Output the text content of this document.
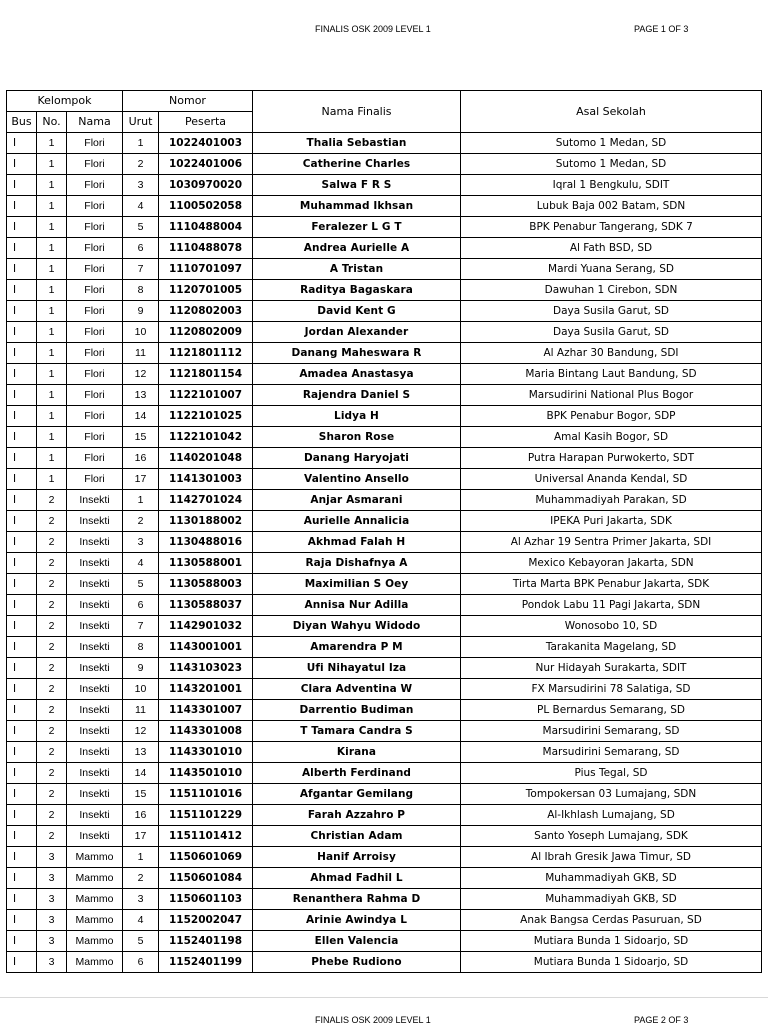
FINALIS OSK 2009 LEVEL 1	PAGE 1 OF 3
Kelompok			Nomor		Nama Finalis	Asal Sekolah
Bus	No.	Nama	Urut	Peserta		
I	1	Flori	1	1022401003	Thalia Sebastian	Sutomo 1 Medan, SD
I	1	Flori	2	1022401006	Catherine Charles	Sutomo 1 Medan, SD
I	1	Flori	3	1030970020	Salwa F R S	Iqral 1 Bengkulu, SDIT
I	1	Flori	4	1100502058	Muhammad Ikhsan	Lubuk Baja 002 Batam, SDN
I	1	Flori	5	1110488004	Feralezer L G T	BPK Penabur Tangerang, SDK 7
I	1	Flori	6	1110488078	Andrea Aurielle A	Al Fath BSD, SD
I	1	Flori	7	1110701097	A Tristan	Mardi Yuana Serang, SD
I	1	Flori	8	1120701005	Raditya Bagaskara	Dawuhan 1 Cirebon, SDN
I	1	Flori	9	1120802003	David Kent G	Daya Susila Garut, SD
I	1	Flori	10	1120802009	Jordan Alexander	Daya Susila Garut, SD
I	1	Flori	11	1121801112	Danang Maheswara R	Al Azhar 30 Bandung, SDI
I	1	Flori	12	1121801154	Amadea Anastasya	Maria Bintang Laut Bandung, SD
I	1	Flori	13	1122101007	Rajendra Daniel S	Marsudirini National Plus Bogor
I	1	Flori	14	1122101025	Lidya H	BPK Penabur Bogor, SDP
I	1	Flori	15	1122101042	Sharon Rose	Amal Kasih Bogor, SD
I	1	Flori	16	1140201048	Danang Haryojati	Putra Harapan Purwokerto, SDT
I	1	Flori	17	1141301003	Valentino Ansello	Universal Ananda Kendal, SD
I	2	Insekti	1	1142701024	Anjar Asmarani	Muhammadiyah Parakan, SD
I	2	Insekti	2	1130188002	Aurielle Annalicia	IPEKA Puri Jakarta, SDK
I	2	Insekti	3	1130488016	Akhmad Falah H	Al Azhar 19 Sentra Primer Jakarta, SDI
I	2	Insekti	4	1130588001	Raja Dishafnya A	Mexico Kebayoran Jakarta, SDN
I	2	Insekti	5	1130588003	Maximilian S Oey	Tirta Marta BPK Penabur Jakarta, SDK
I	2	Insekti	6	1130588037	Annisa Nur Adilla	Pondok Labu 11 Pagi Jakarta, SDN
I	2	Insekti	7	1142901032	Diyan Wahyu Widodo	Wonosobo 10, SD
I	2	Insekti	8	1143001001	Amarendra P M	Tarakanita Magelang, SD
I	2	Insekti	9	1143103023	Ufi Nihayatul Iza	Nur Hidayah Surakarta, SDIT
I	2	Insekti	10	1143201001	Clara Adventina W	FX Marsudirini 78 Salatiga, SD
I	2	Insekti	11	1143301007	Darrentio Budiman	PL Bernardus Semarang, SD
I	2	Insekti	12	1143301008	T Tamara Candra S	Marsudirini Semarang, SD
I	2	Insekti	13	1143301010	Kirana	Marsudirini Semarang, SD
I	2	Insekti	14	1143501010	Alberth Ferdinand	Pius Tegal, SD
I	2	Insekti	15	1151101016	Afgantar Gemilang	Tompokersan 03 Lumajang, SDN
I	2	Insekti	16	1151101229	Farah Azzahro P	Al-Ikhlash Lumajang, SD
I	2	Insekti	17	1151101412	Christian Adam	Santo Yoseph Lumajang, SDK
I	3	Mammo	1	1150601069	Hanif Arroisy	Al Ibrah Gresik Jawa Timur, SD
I	3	Mammo	2	1150601084	Ahmad Fadhil L	Muhammadiyah GKB, SD
I	3	Mammo	3	1150601103	Renanthera Rahma D	Muhammadiyah GKB, SD
I	3	Mammo	4	1152002047	Arinie Awindya L	Anak Bangsa Cerdas Pasuruan, SD
I	3	Mammo	5	1152401198	Ellen Valencia	Mutiara Bunda 1 Sidoarjo, SD
I	3	Mammo	6	1152401199	Phebe Rudiono	Mutiara Bunda 1 Sidoarjo, SD
FINALIS OSK 2009 LEVEL 1	PAGE 2 OF 3
